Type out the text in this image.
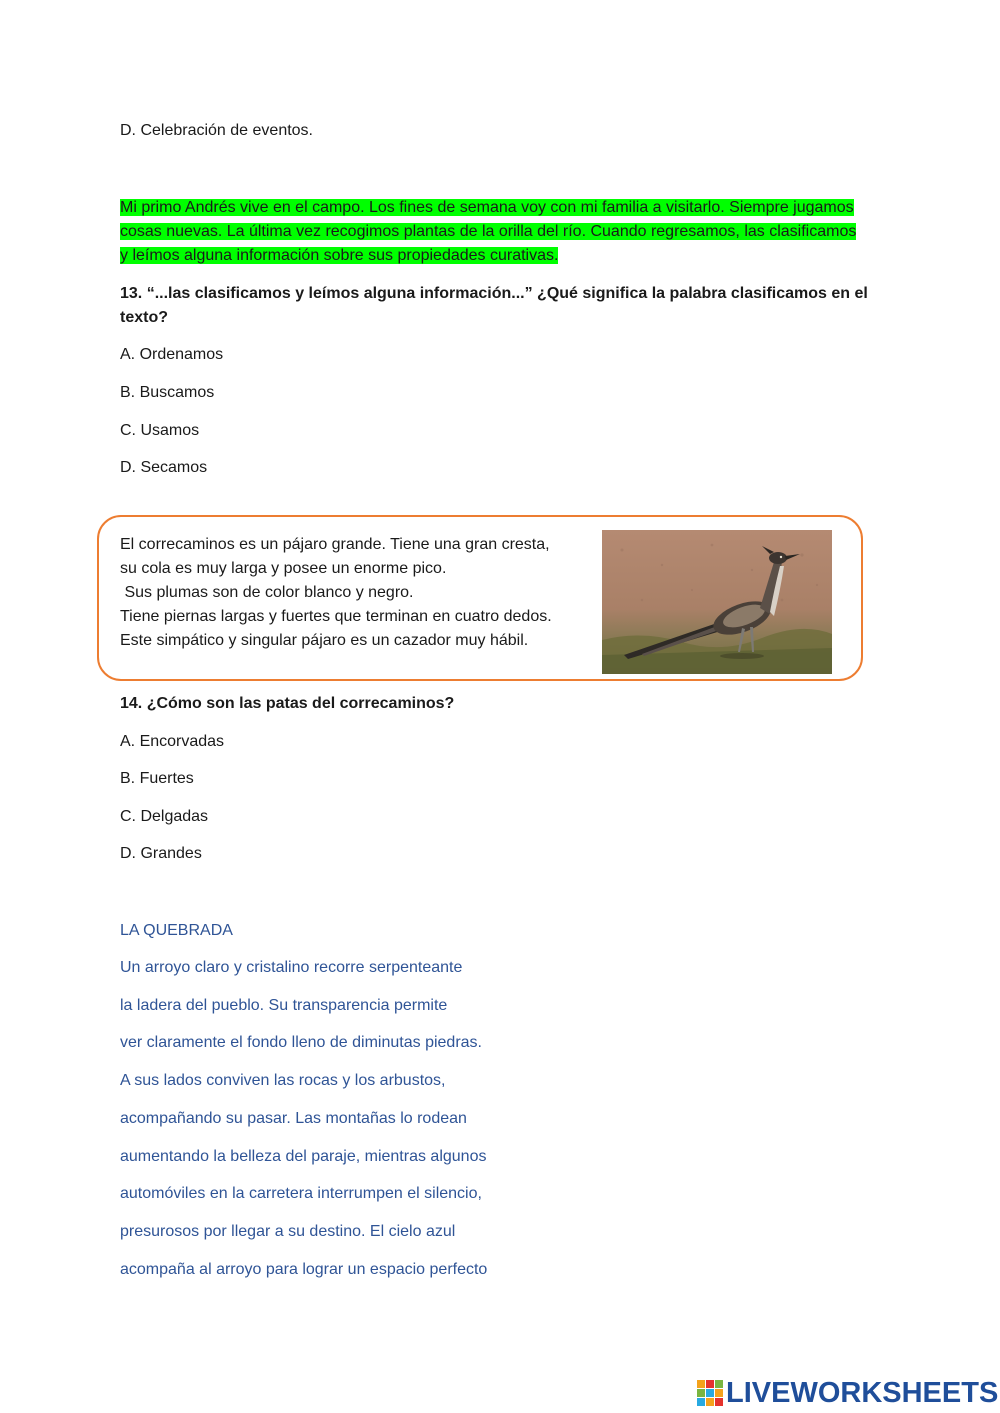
D. Celebración de eventos.
Mi primo Andrés vive en el campo. Los fines de semana voy con mi familia a visitarlo. Siempre jugamos cosas nuevas. La última vez recogimos plantas de la orilla del río. Cuando regresamos, las clasificamos y leímos alguna información sobre sus propiedades curativas.
13. “...las clasificamos y leímos alguna información...” ¿Qué significa la palabra clasificamos en el texto?
A. Ordenamos
B. Buscamos
C. Usamos
D. Secamos
El correcaminos es un pájaro grande. Tiene una gran cresta,
su cola es muy larga y posee un enorme pico.
Sus plumas son de color blanco y negro.
Tiene piernas largas y fuertes que terminan en cuatro dedos.
Este simpático y singular pájaro es un cazador muy hábil.
14. ¿Cómo son las patas del correcaminos?
A. Encorvadas
B. Fuertes
C. Delgadas
D. Grandes
LA QUEBRADA
Un arroyo claro y cristalino recorre serpenteante
la ladera del pueblo. Su transparencia permite
ver claramente el fondo lleno de diminutas piedras.
A sus lados conviven las rocas y los arbustos,
acompañando su pasar. Las montañas lo rodean
aumentando la belleza del paraje, mientras algunos
automóviles en la carretera interrumpen el silencio,
presurosos por llegar a su destino. El cielo azul
acompaña al arroyo para lograr un espacio perfecto
LIVEWORKSHEETS
